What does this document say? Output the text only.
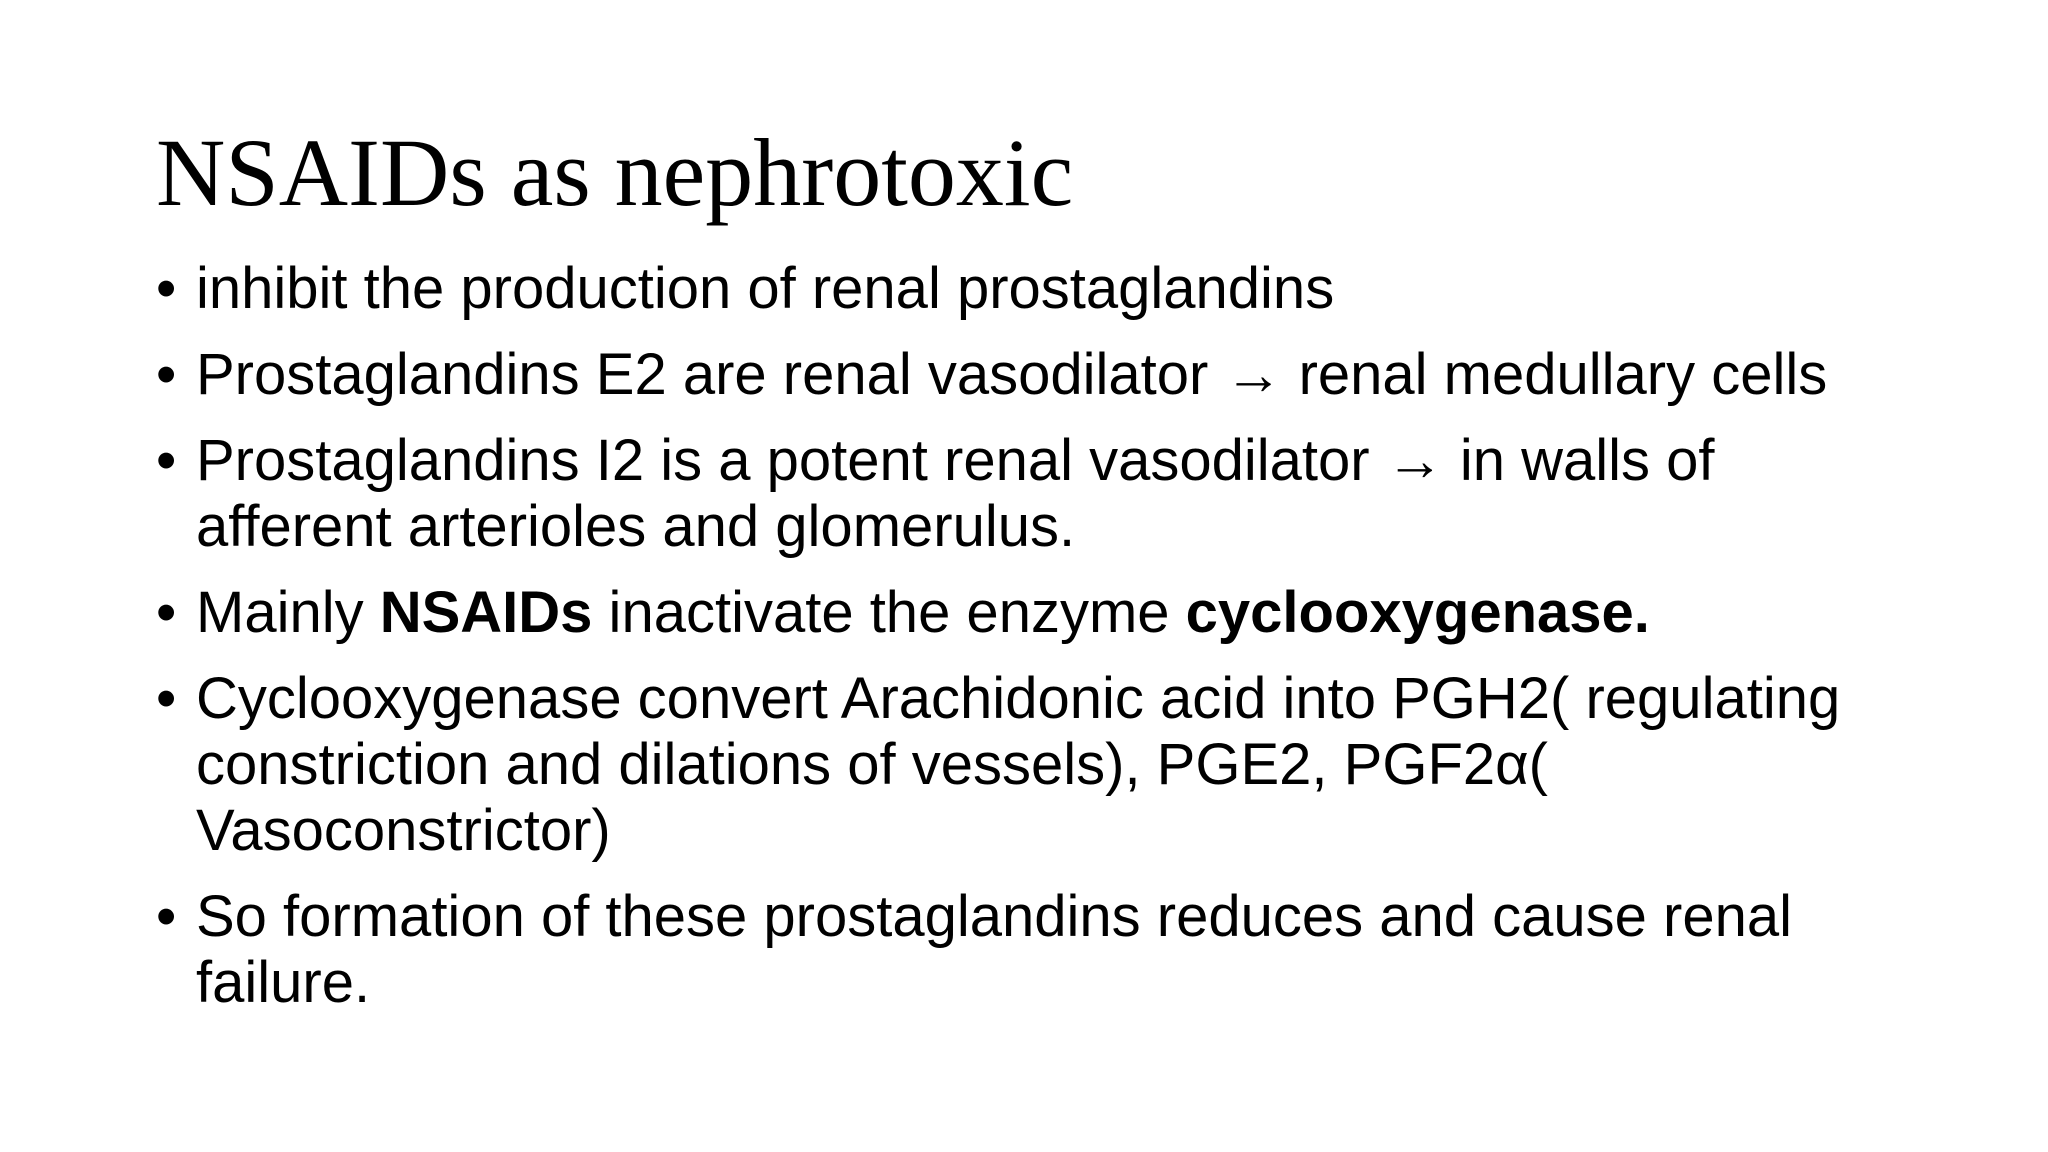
NSAIDs as nephrotoxic
• inhibit the production of renal prostaglandins
• Prostaglandins E2 are renal vasodilator → renal medullary cells
• Prostaglandins I2 is a potent renal vasodilator → in walls of
afferent arterioles and glomerulus.
• Mainly NSAIDs inactivate the enzyme cyclooxygenase.
• Cyclooxygenase convert Arachidonic acid into PGH2( regulating
constriction and dilations of vessels), PGE2, PGF2α(
Vasoconstrictor)
• So formation of these prostaglandins reduces and cause renal
failure.
